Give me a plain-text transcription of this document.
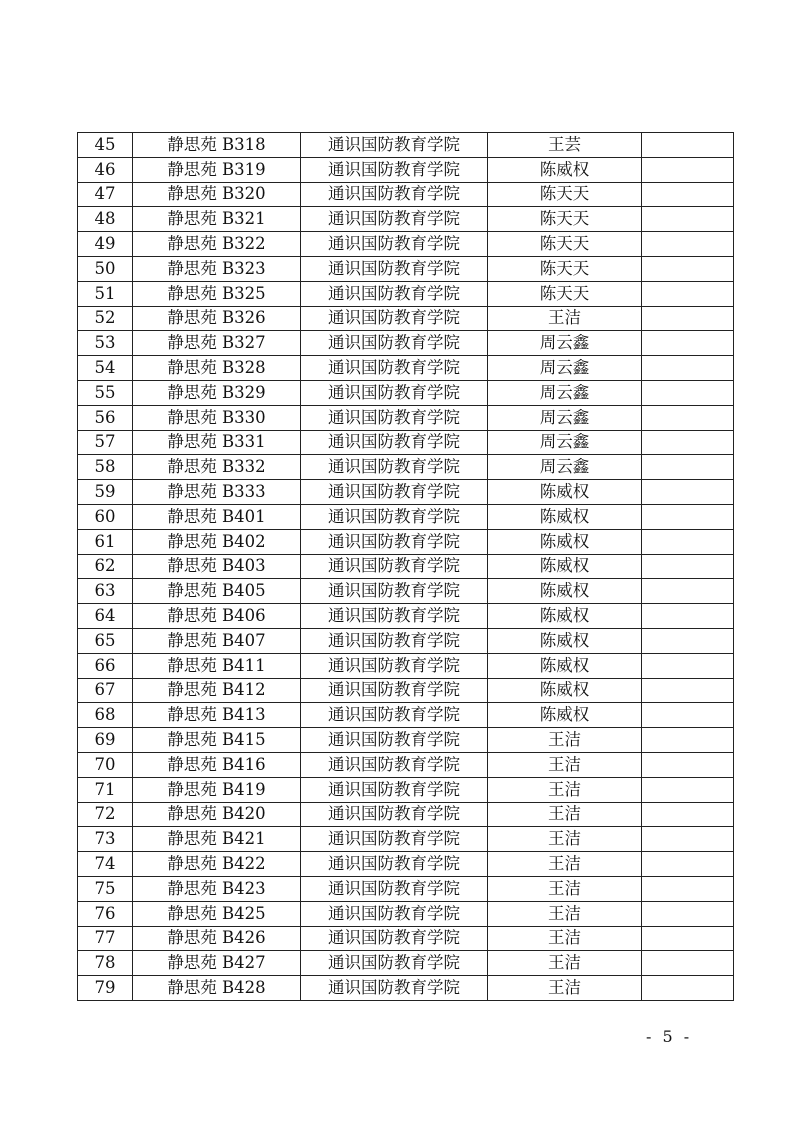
45	静思苑 B318	通识国防教育学院	王芸	
46	静思苑 B319	通识国防教育学院	陈威权	
47	静思苑 B320	通识国防教育学院	陈天天	
48	静思苑 B321	通识国防教育学院	陈天天	
49	静思苑 B322	通识国防教育学院	陈天天	
50	静思苑 B323	通识国防教育学院	陈天天	
51	静思苑 B325	通识国防教育学院	陈天天	
52	静思苑 B326	通识国防教育学院	王洁	
53	静思苑 B327	通识国防教育学院	周云鑫	
54	静思苑 B328	通识国防教育学院	周云鑫	
55	静思苑 B329	通识国防教育学院	周云鑫	
56	静思苑 B330	通识国防教育学院	周云鑫	
57	静思苑 B331	通识国防教育学院	周云鑫	
58	静思苑 B332	通识国防教育学院	周云鑫	
59	静思苑 B333	通识国防教育学院	陈威权	
60	静思苑 B401	通识国防教育学院	陈威权	
61	静思苑 B402	通识国防教育学院	陈威权	
62	静思苑 B403	通识国防教育学院	陈威权	
63	静思苑 B405	通识国防教育学院	陈威权	
64	静思苑 B406	通识国防教育学院	陈威权	
65	静思苑 B407	通识国防教育学院	陈威权	
66	静思苑 B411	通识国防教育学院	陈威权	
67	静思苑 B412	通识国防教育学院	陈威权	
68	静思苑 B413	通识国防教育学院	陈威权	
69	静思苑 B415	通识国防教育学院	王洁	
70	静思苑 B416	通识国防教育学院	王洁	
71	静思苑 B419	通识国防教育学院	王洁	
72	静思苑 B420	通识国防教育学院	王洁	
73	静思苑 B421	通识国防教育学院	王洁	
74	静思苑 B422	通识国防教育学院	王洁	
75	静思苑 B423	通识国防教育学院	王洁	
76	静思苑 B425	通识国防教育学院	王洁	
77	静思苑 B426	通识国防教育学院	王洁	
78	静思苑 B427	通识国防教育学院	王洁	
79	静思苑 B428	通识国防教育学院	王洁	
- 5 -
